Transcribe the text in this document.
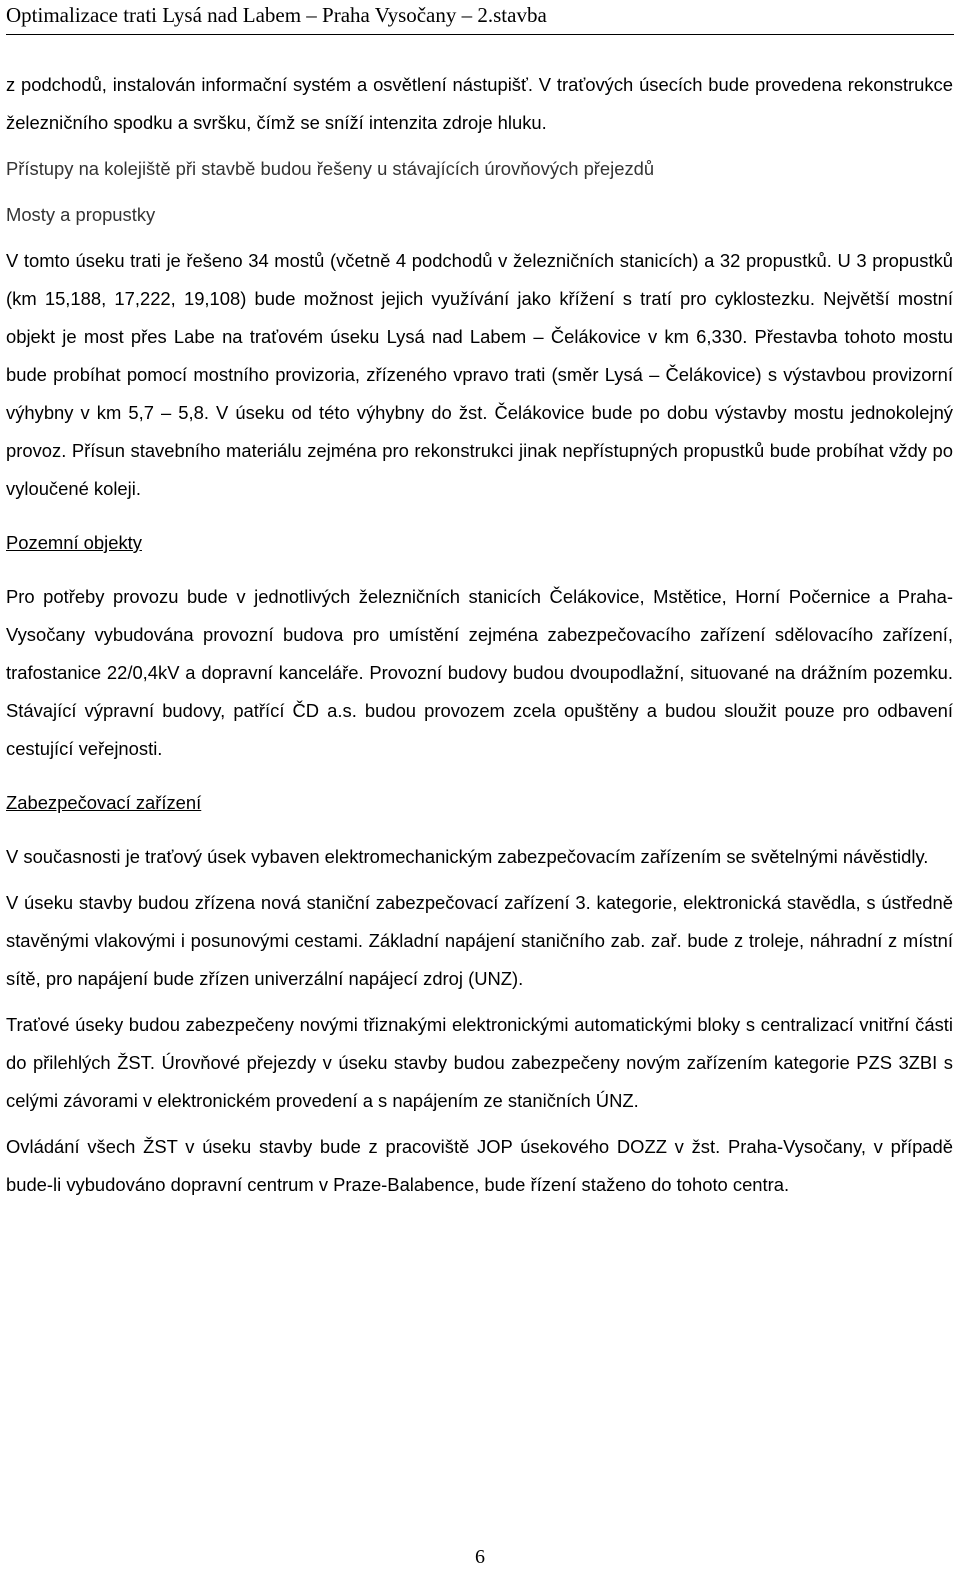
Optimalizace trati Lysá nad Labem – Praha Vysočany – 2.stavba

z podchodů, instalován informační systém a osvětlení nástupišť. V traťových úsecích bude provedena rekonstrukce železničního spodku a svršku, čímž se sníží intenzita zdroje hluku.

Přístupy na kolejiště při stavbě budou řešeny u stávajících úrovňových přejezdů

Mosty a propustky

V tomto úseku trati je řešeno 34 mostů (včetně 4 podchodů v železničních stanicích) a 32 propustků. U 3 propustků (km 15,188, 17,222, 19,108) bude možnost jejich využívání jako křížení s tratí pro cyklostezku. Největší mostní objekt je most přes Labe na traťovém úseku Lysá nad Labem – Čelákovice v km 6,330. Přestavba tohoto mostu bude probíhat pomocí mostního provizoria, zřízeného vpravo trati (směr Lysá – Čelákovice) s výstavbou provizorní výhybny v km 5,7 – 5,8. V úseku od této výhybny do žst. Čelákovice bude po dobu výstavby mostu jednokolejný provoz. Přísun stavebního materiálu zejména pro rekonstrukci jinak nepřístupných propustků bude probíhat vždy po vyloučené koleji.

Pozemní objekty

Pro potřeby provozu bude v jednotlivých železničních stanicích Čelákovice, Mstětice, Horní Počernice a Praha-Vysočany vybudována provozní budova pro umístění zejména zabezpečovacího zařízení sdělovacího zařízení, trafostanice 22/0,4kV a dopravní kanceláře. Provozní budovy budou dvoupodlažní, situované na drážním pozemku. Stávající výpravní budovy, patřící ČD a.s. budou provozem zcela opuštěny a budou sloužit pouze pro odbavení cestující veřejnosti.

Zabezpečovací zařízení

V současnosti je traťový úsek vybaven elektromechanickým zabezpečovacím zařízením se světelnými návěstidly.

V úseku stavby budou zřízena nová staniční zabezpečovací zařízení 3. kategorie, elektronická stavědla, s ústředně stavěnými vlakovými i posunovými cestami. Základní napájení staničního zab. zař. bude z troleje, náhradní z místní sítě, pro napájení bude zřízen univerzální napájecí zdroj (UNZ).

Traťové úseky budou zabezpečeny novými třiznakými elektronickými automatickými bloky s centralizací vnitřní části do přilehlých ŽST. Úrovňové přejezdy v úseku stavby budou zabezpečeny novým zařízením kategorie PZS 3ZBI s celými závorami v elektronickém provedení a s napájením ze staničních ÚNZ.

Ovládání všech ŽST v úseku stavby bude z pracoviště JOP úsekového DOZZ v žst. Praha-Vysočany, v případě bude-li vybudováno dopravní centrum v Praze-Balabence, bude řízení staženo do tohoto centra.

6
